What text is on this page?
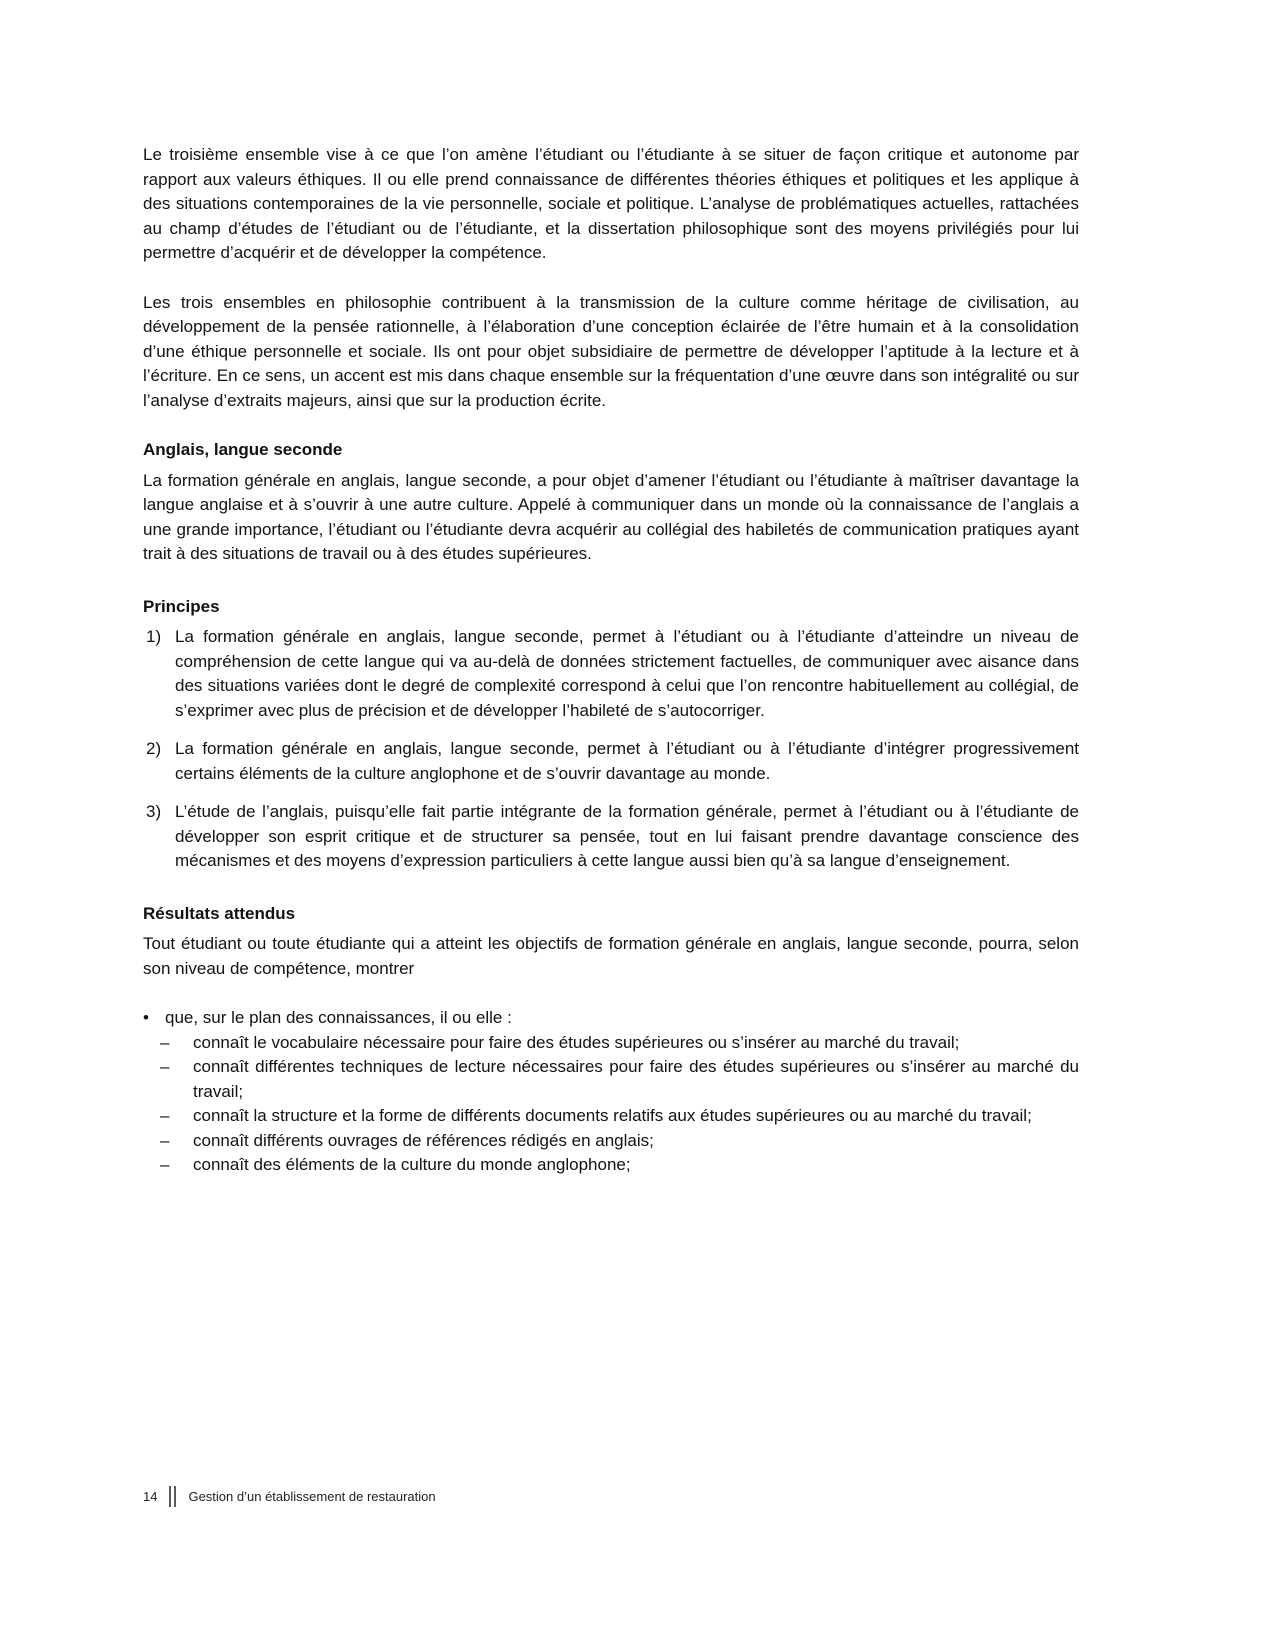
Le troisième ensemble vise à ce que l’on amène l’étudiant ou l’étudiante à se situer de façon critique et autonome par rapport aux valeurs éthiques. Il ou elle prend connaissance de différentes théories éthiques et politiques et les applique à des situations contemporaines de la vie personnelle, sociale et politique. L’analyse de problématiques actuelles, rattachées au champ d’études de l’étudiant ou de l’étudiante, et la dissertation philosophique sont des moyens privilégiés pour lui permettre d’acquérir et de développer la compétence.

Les trois ensembles en philosophie contribuent à la transmission de la culture comme héritage de civilisation, au développement de la pensée rationnelle, à l’élaboration d’une conception éclairée de l’être humain et à la consolidation d’une éthique personnelle et sociale. Ils ont pour objet subsidiaire de permettre de développer l’aptitude à la lecture et à l’écriture. En ce sens, un accent est mis dans chaque ensemble sur la fréquentation d’une œuvre dans son intégralité ou sur l’analyse d’extraits majeurs, ainsi que sur la production écrite.

Anglais, langue seconde

La formation générale en anglais, langue seconde, a pour objet d’amener l’étudiant ou l’étudiante à maîtriser davantage la langue anglaise et à s’ouvrir à une autre culture. Appelé à communiquer dans un monde où la connaissance de l’anglais a une grande importance, l’étudiant ou l’étudiante devra acquérir au collégial des habiletés de communication pratiques ayant trait à des situations de travail ou à des études supérieures.

Principes
1) La formation générale en anglais, langue seconde, permet à l’étudiant ou à l’étudiante d’atteindre un niveau de compréhension de cette langue qui va au-delà de données strictement factuelles, de communiquer avec aisance dans des situations variées dont le degré de complexité correspond à celui que l’on rencontre habituellement au collégial, de s’exprimer avec plus de précision et de développer l’habileté de s’autocorriger.
2) La formation générale en anglais, langue seconde, permet à l’étudiant ou à l’étudiante d’intégrer progressivement certains éléments de la culture anglophone et de s’ouvrir davantage au monde.
3) L’étude de l’anglais, puisqu’elle fait partie intégrante de la formation générale, permet à l’étudiant ou à l’étudiante de développer son esprit critique et de structurer sa pensée, tout en lui faisant prendre davantage conscience des mécanismes et des moyens d’expression particuliers à cette langue aussi bien qu’à sa langue d’enseignement.
Résultats attendus

Tout étudiant ou toute étudiante qui a atteint les objectifs de formation générale en anglais, langue seconde, pourra, selon son niveau de compétence, montrer

• que, sur le plan des connaissances, il ou elle :
–	connaît le vocabulaire nécessaire pour faire des études supérieures ou s’insérer au marché du travail;
–	connaît différentes techniques de lecture nécessaires pour faire des études supérieures ou s’insérer au marché du travail;
–	connaît la structure et la forme de différents documents relatifs aux études supérieures ou au marché du travail;
–	connaît différents ouvrages de références rédigés en anglais;
–	connaît des éléments de la culture du monde anglophone;
14 Gestion d’un établissement de restauration
